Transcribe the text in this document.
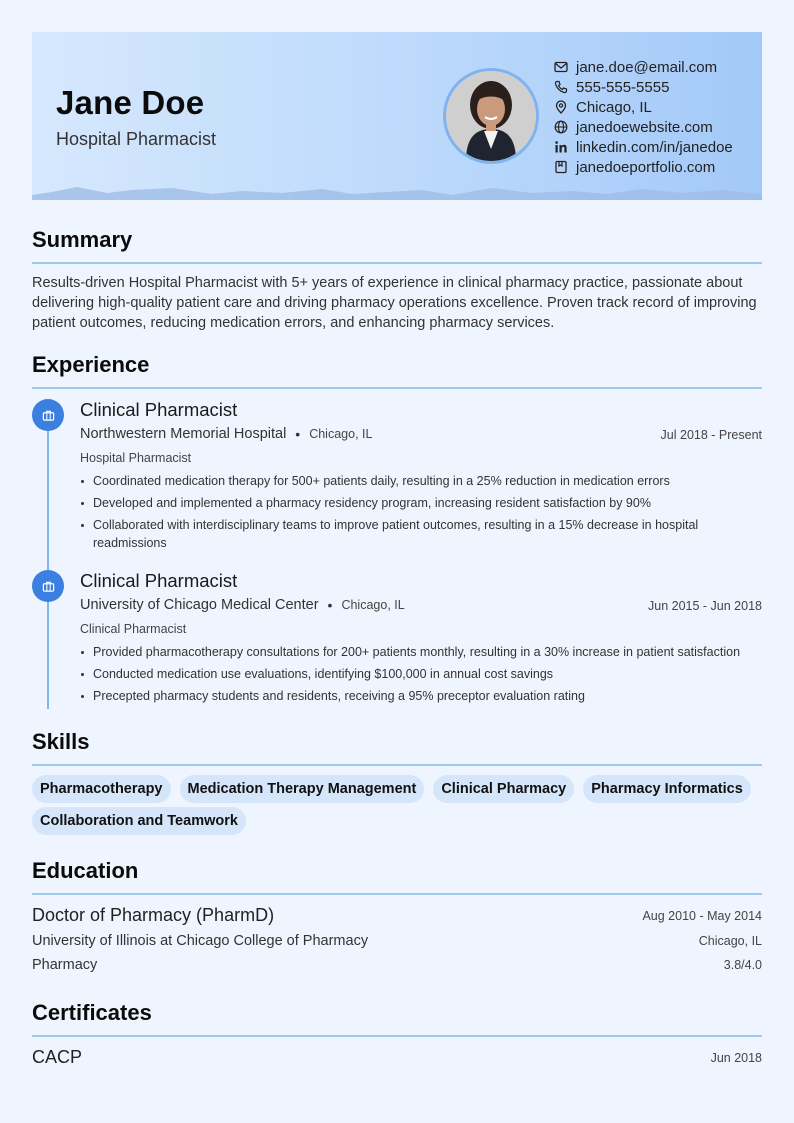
Jane Doe
Hospital Pharmacist
jane.doe@email.com
555-555-5555
Chicago, IL
janedoewebsite.com
linkedin.com/in/janedoe
janedoeportfolio.com
Summary
Results-driven Hospital Pharmacist with 5+ years of experience in clinical pharmacy practice, passionate about delivering high-quality patient care and driving pharmacy operations excellence. Proven track record of improving patient outcomes, reducing medication errors, and enhancing pharmacy services.
Experience
Clinical Pharmacist
Northwestern Memorial Hospital • Chicago, IL	Jul 2018 - Present
Hospital Pharmacist
Coordinated medication therapy for 500+ patients daily, resulting in a 25% reduction in medication errors
Developed and implemented a pharmacy residency program, increasing resident satisfaction by 90%
Collaborated with interdisciplinary teams to improve patient outcomes, resulting in a 15% decrease in hospital readmissions
Clinical Pharmacist
University of Chicago Medical Center • Chicago, IL	Jun 2015 - Jun 2018
Clinical Pharmacist
Provided pharmacotherapy consultations for 200+ patients monthly, resulting in a 30% increase in patient satisfaction
Conducted medication use evaluations, identifying $100,000 in annual cost savings
Precepted pharmacy students and residents, receiving a 95% preceptor evaluation rating
Skills
Pharmacotherapy	Medication Therapy Management	Clinical Pharmacy	Pharmacy Informatics
Collaboration and Teamwork
Education
Doctor of Pharmacy (PharmD)	Aug 2010 - May 2014
University of Illinois at Chicago College of Pharmacy	Chicago, IL
Pharmacy	3.8/4.0
Certificates
CACP	Jun 2018
